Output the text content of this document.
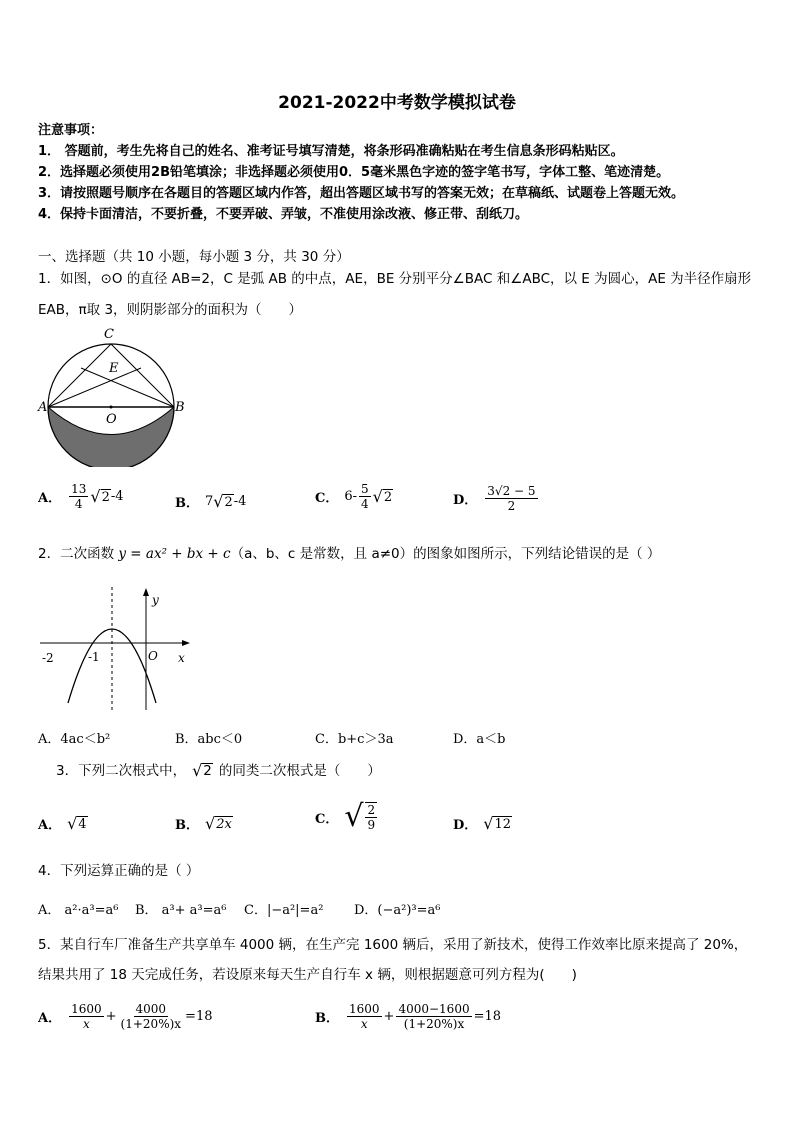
2021-2022中考数学模拟试卷
注意事项：
1． 答题前，考生先将自己的姓名、准考证号填写清楚，将条形码准确粘贴在考生信息条形码粘贴区。
2．选择题必须使用2B铅笔填涂；非选择题必须使用0．5毫米黑色字迹的签字笔书写，字体工整、笔迹清楚。
3．请按照题号顺序在各题目的答题区域内作答，超出答题区域书写的答案无效；在草稿纸、试题卷上答题无效。
4．保持卡面清洁，不要折叠，不要弄破、弄皱，不准使用涂改液、修正带、刮纸刀。
一、选择题（共 10 小题，每小题 3 分，共 30 分）
1．如图，⊙O 的直径 AB=2，C 是弧 AB 的中点，AE，BE 分别平分∠BAC 和∠ABC，以 E 为圆心，AE 为半径作扇形
EAB，π取 3，则阴影部分的面积为（　　）
C
E
A	B
O
A． $\frac{13}{4}$ √ 2 -4	B． 7 √ 2 -4	C． $6- \frac{5}{4}$ √ 2	D． $\frac{3√2 - 5}{2}$
2．二次函数 y = ax² + bx + c（a、b、c 是常数，且 a≠0）的图象如图所示，下列结论错误的是（ ）
y
x
O
-2	-1
A．4ac＜b²	B．abc＜0	C．b+c＞3a	D．a＜b
3．下列二次根式中， √ 2 的同类二次根式是（　　）
A． √ 4	B． √ 2x	C． √ $\frac{2}{9}$	D． √ 12
4．下列运算正确的是（ ）
A． a²·a³=a⁶ B． a³+ a³=a⁶ C．|−a²|=a² D．(−a²)³=a⁶
5．某自行车厂准备生产共享单车 4000 辆，在生产完 1600 辆后，采用了新技术，使得工作效率比原来提高了 20%，
结果共用了 18 天完成任务，若设原来每天生产自行车 x 辆，则根据题意可列方程为(　　)
A． $\frac{1600}{x} + \frac{4000}{(1+20\%)x} =18$	B． $\frac{1600}{x} + \frac{4000-1600}{(1+20\%)x} =18$
